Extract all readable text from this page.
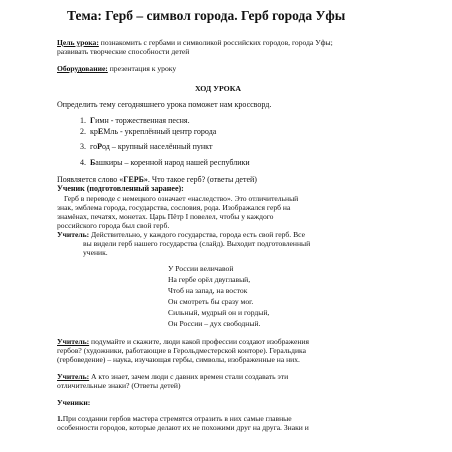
Тема: Герб – символ города. Герб города Уфы
Цель урока: познакомить с гербами и символикой российских городов, города Уфы;
развивать творческие способности детей
Оборудование: презентация к уроку
ХОД УРОКА
Определить тему сегодняшнего урока поможет нам кроссворд.
1. Гимн - торжественная песня.
2. крЕМль - укреплённый центр города
3. гоРод – крупный населённый пункт
4. Башкиры – коренной народ нашей республики
Появляется слово «ГЕРБ». Что такое герб? (ответы детей)
Ученик (подготовленный заранее):
Герб в переводе с немецкого означает «наследство». Это отличительный
знак, эмблема города, государства, сословия, рода. Изображался герб на
знамёнах, печатях, монетах. Царь Пётр I повелел, чтобы у каждого
российского города был свой герб.
Учитель: Действительно, у каждого государства, города есть свой герб. Все
вы видели герб нашего государства (слайд). Выходит подготовленный
ученик.
У России величавой
На гербе орёл двуглавый,
Чтоб на запад, на восток
Он смотреть бы сразу мог.
Сильный, мудрый он и гордый,
Он России – дух свободный.
Учитель: подумайте и скажите, люди какой профессии создают изображения
гербов? (художники, работающие в Герольдместерской конторе). Геральдика
(гербоведение) – наука, изучающая гербы, символы, изображенные на них.
Учитель: А кто знает, зачем люди с давних времен стали создавать эти
отличительные знаки? (Ответы детей)
Ученики:
1.При создании гербов мастера стремятся отразить в них самые главные
особенности городов, которые делают их не похожими друг на друга. Знаки и
